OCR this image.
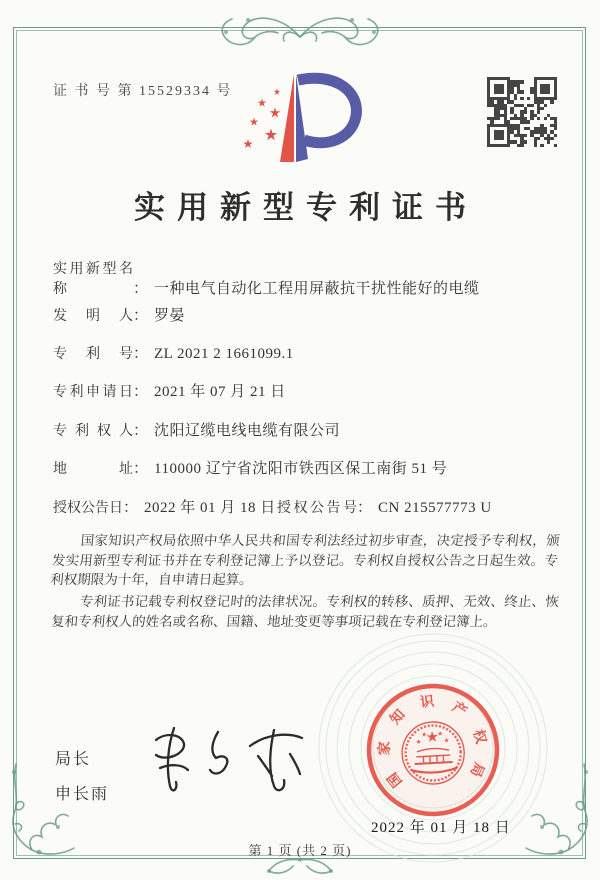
证 书 号 第 15529334 号
实用新型专利证书
实用新型名称	： 一种电气自动化工程用屏蔽抗干扰性能好的电缆
发明人： 罗晏
专利号： ZL 2021 2 1661099.1
专利申请日： 2021 年 07 月 21 日
专利权人： 沈阳辽缆电线电缆有限公司
地址： 110000 辽宁省沈阳市铁西区保工南街 51 号
授权公告日： 2022 年 01 月 18 日 授权公告号： CN 215577773 U

国家知识产权局依照中华人民共和国专利法经过初步审查，决定授予专利权，颁发实用新型专利证书并在专利登记簿上予以登记。专利权自授权公告之日起生效。专利权期限为十年，自申请日起算。

专利证书记载专利权登记时的法律状况。专利权的转移、质押、无效、终止、恢复和专利权人的姓名或名称、国籍、地址变更等事项记载在专利登记簿上。

局长
申长雨
国
家
知
识 产
权
局
2022 年 01 月 18 日
第 1 页 (共 2 页)
